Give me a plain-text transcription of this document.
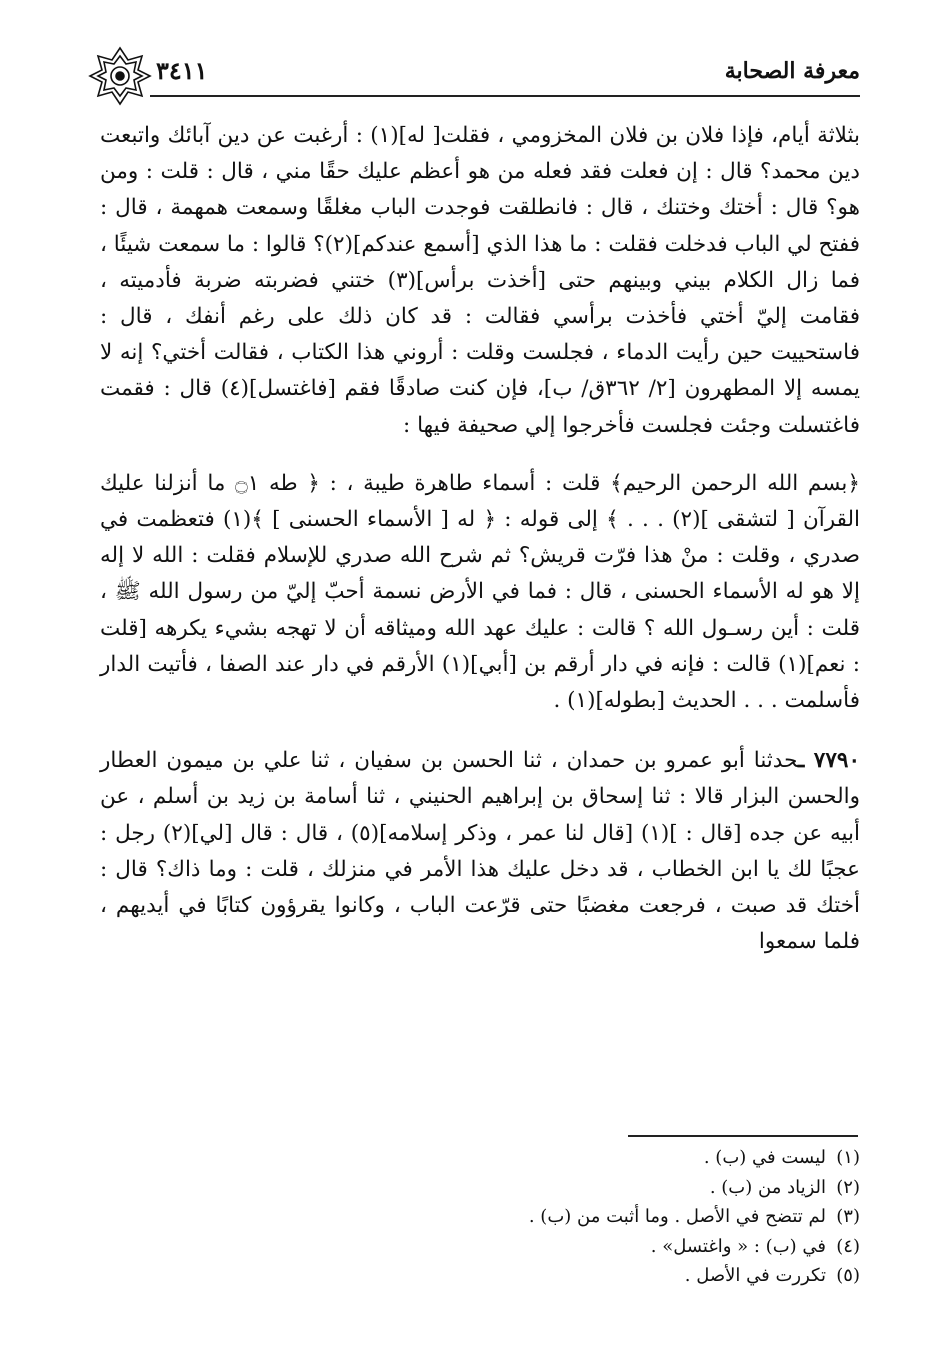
معرفة الصحابة
٣٤١١

بثلاثة أيام، فإذا فلان بن فلان المخزومي ، فقلت[ له](١) : أرغبت عن دين آبائك واتبعت دين محمد؟ قال : إن فعلت فقد فعله من هو أعظم عليك حقًا مني ، قال : قلت : ومن هو؟ قال : أختك وختنك ، قال : فانطلقت فوجدت الباب مغلقًا وسمعت همهمة ، قال : ففتح لي الباب فدخلت فقلت : ما هذا الذي [أسمع عندكم](٢)؟ قالوا : ما سمعت شيئًا ، فما زال الكلام بيني وبينهم حتى [أخذت برأس](٣) ختني فضربته ضربة فأدميته ، فقامت إليّ أختي فأخذت برأسي فقالت : قد كان ذلك على رغم أنفك ، قال : فاستحييت حين رأيت الدماء ، فجلست وقلت : أروني هذا الكتاب ، فقالت أختي؟ إنه لا يمسه إلا المطهرون [٢/ ٣٦٢ق/ ب]، فإن كنت صادقًا فقم [فاغتسل](٤) قال : فقمت فاغتسلت وجئت فجلست فأخرجوا إلي صحيفة فيها :

﴿بسم الله الرحمن الرحيم﴾ قلت : أسماء طاهرة طيبة ، : ﴿ طه ۝١ ما أنزلنا عليك القرآن [ لتشقى ](٢) . . . ﴾ إلى قوله : ﴿ له [ الأسماء الحسنى ] ﴾(١) فتعظمت في صدري ، وقلت : منْ هذا فرّت قريش؟ ثم شرح الله صدري للإسلام فقلت : الله لا إله إلا هو له الأسماء الحسنى ، قال : فما في الأرض نسمة أحبّ إليّ من رسول الله ﷺ ، قلت : أين رسـول الله ؟ قالت : عليك عهد الله وميثاقه أن لا تهجه بشيء يكرهه [قلت : نعم](١) قالت : فإنه في دار أرقم بن [أبي](١) الأرقم في دار عند الصفا ، فأتيت الدار فأسلمت . . . الحديث [بطوله](١) .

٧٧٩٠ ـحدثنا أبو عمرو بن حمدان ، ثنا الحسن بن سفيان ، ثنا علي بن ميمون العطار والحسن البزار قالا : ثنا إسحاق بن إبراهيم الحنيني ، ثنا أسامة بن زيد بن أسلم ، عن أبيه عن جده [قال : ](١) [قال لنا عمر ، وذكر إسلامه](٥) ، قال : قال [لي](٢) رجل : عجبًا لك يا ابن الخطاب ، قد دخل عليك هذا الأمر في منزلك ، قلت : وما ذاك؟ قال : أختك قد صبت ، فرجعت مغضبًا حتى قرّعت الباب ، وكانوا يقرؤون كتابًا في أيديهم ، فلما سمعوا

(١)ليست في (ب) .
(٢)الزياد من (ب) .
(٣)لم تتضح في الأصل . وما أثبت من (ب) .
(٤)في (ب) : « واغتسل» .
(٥)تكررت في الأصل .
